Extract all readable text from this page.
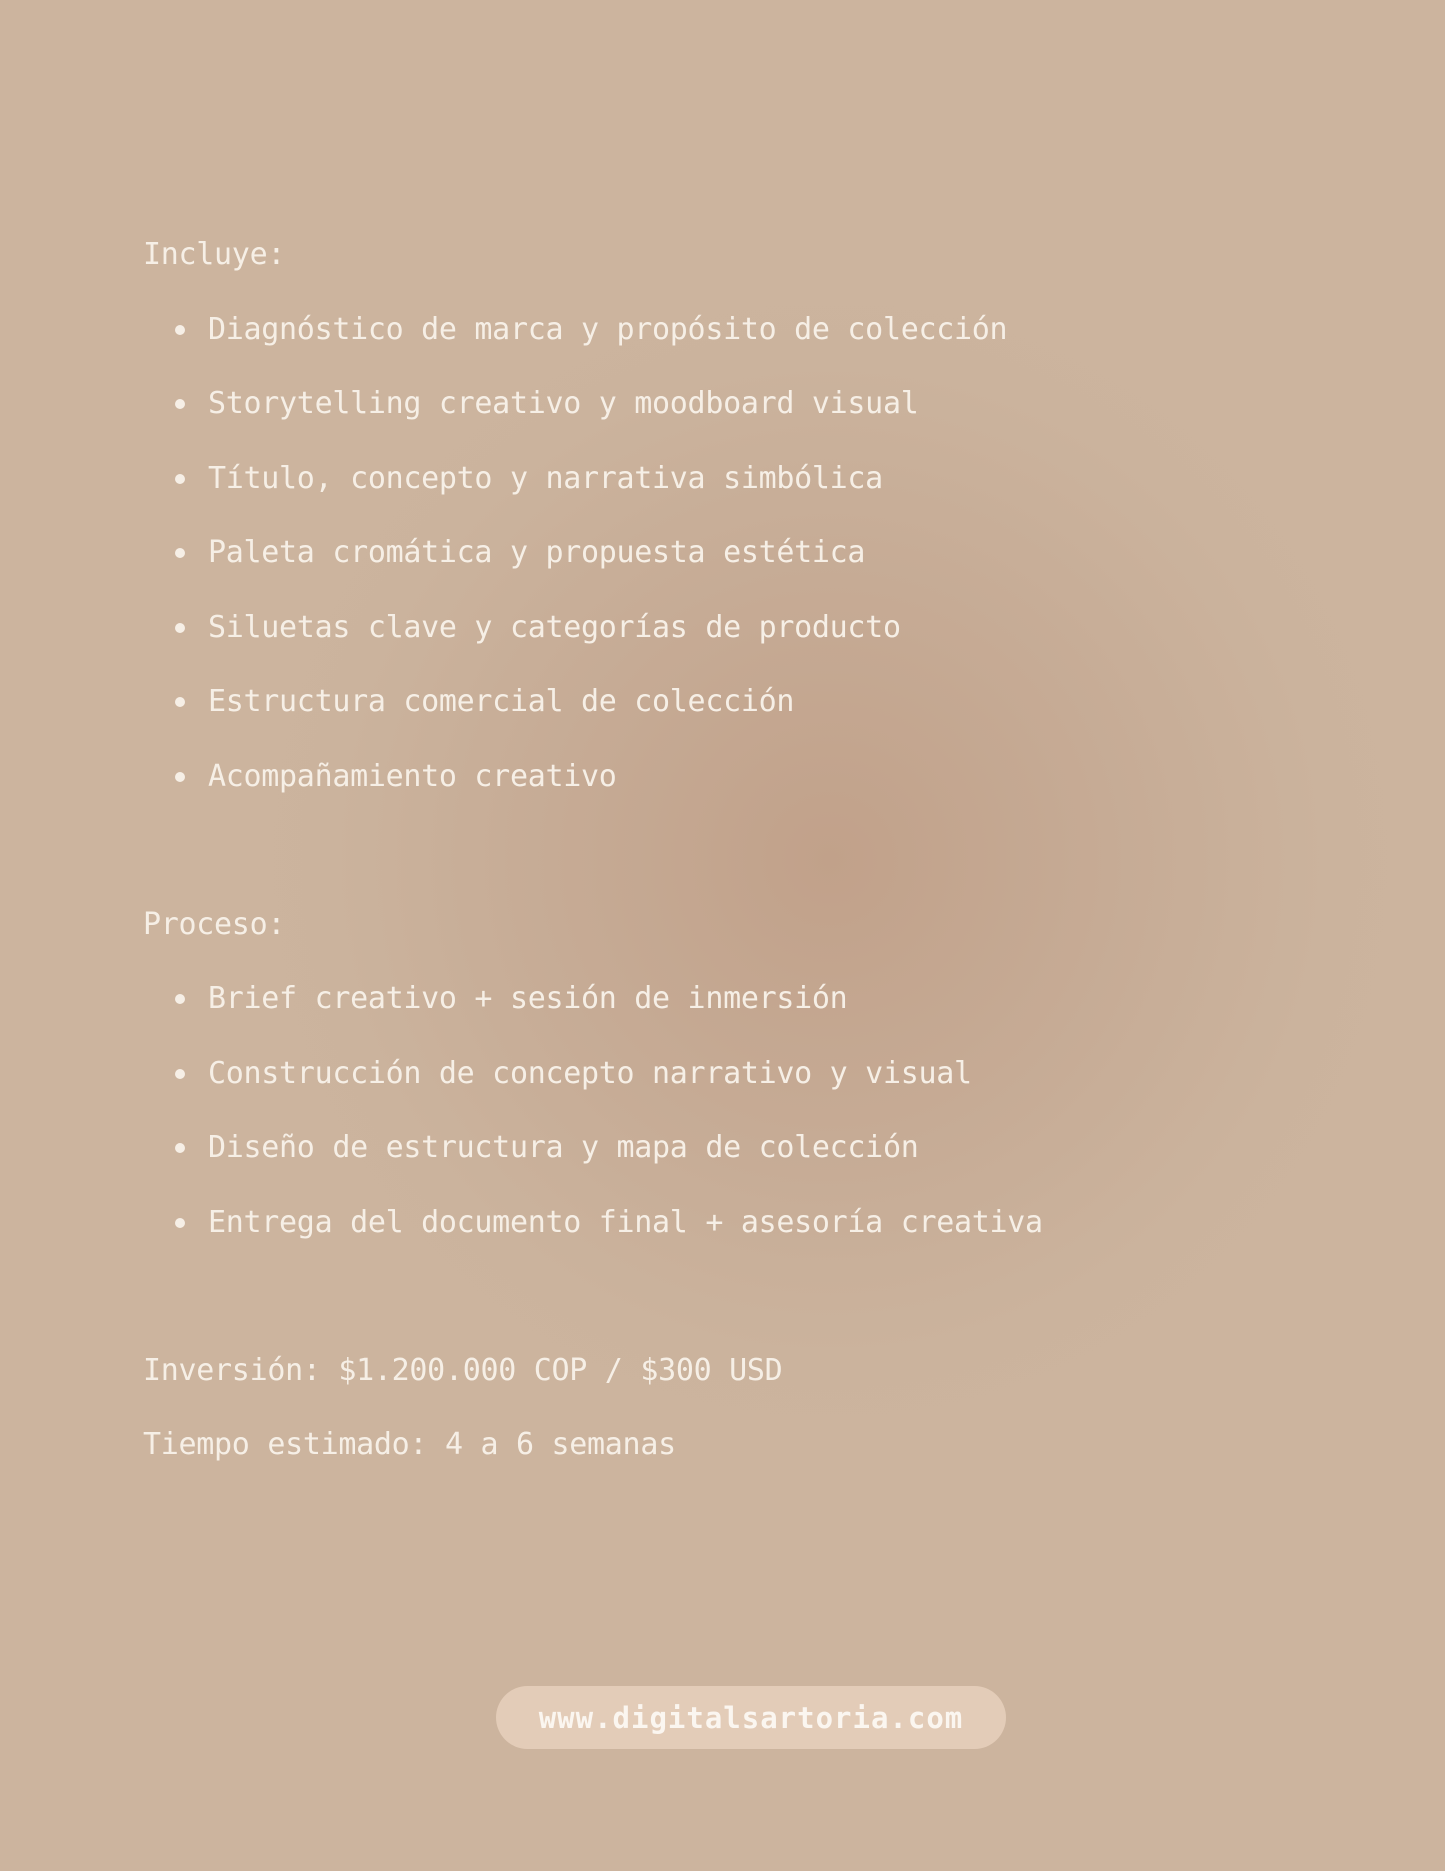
Incluye:

Diagnóstico de marca y propósito de colección
Storytelling creativo y moodboard visual
Título, concepto y narrativa simbólica
Paleta cromática y propuesta estética
Siluetas clave y categorías de producto
Estructura comercial de colección
Acompañamiento creativo

Proceso:

Brief creativo + sesión de inmersión
Construcción de concepto narrativo y visual
Diseño de estructura y mapa de colección
Entrega del documento final + asesoría creativa

Inversión: $1.200.000 COP / $300 USD

Tiempo estimado: 4 a 6 semanas

www.digitalsartoria.com
